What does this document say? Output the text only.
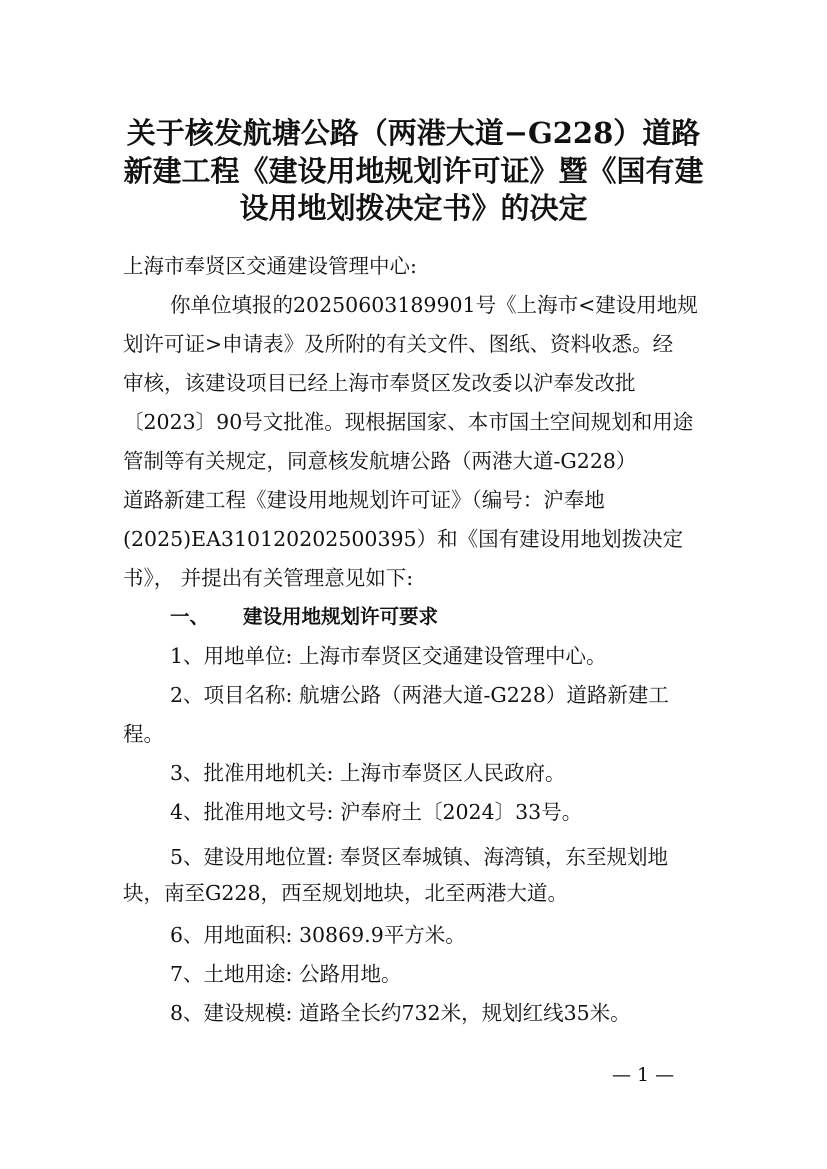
关于核发航塘公路（两港大道−G228）道路
新建工程《建设用地规划许可证》暨《国有建
设用地划拨决定书》的决定

上海市奉贤区交通建设管理中心:

你单位填报的20250603189901号《上海市<建设用地规

划许可证>申请表》及所附的有关文件、图纸、资料收悉。经

审核，该建设项目已经上海市奉贤区发改委以沪奉发改批

〔2023〕90号文批准。现根据国家、本市国土空间规划和用途

管制等有关规定，同意核发航塘公路（两港大道-G228）

道路新建工程《建设用地规划许可证》（编号：沪奉地

(2025)EA310120202500395）和《国有建设用地划拨决定

书》， 并提出有关管理意见如下:

一、 建设用地规划许可要求

1、用地单位: 上海市奉贤区交通建设管理中心。

2、项目名称: 航塘公路（两港大道-G228）道路新建工

程。

3、批准用地机关: 上海市奉贤区人民政府。

4、批准用地文号: 沪奉府土〔2024〕33号。

5、建设用地位置: 奉贤区奉城镇、海湾镇，东至规划地

块，南至G228，西至规划地块，北至两港大道。

6、用地面积: 30869.9平方米。

7、土地用途: 公路用地。

8、建设规模: 道路全长约732米，规划红线35米。

— 1 —
